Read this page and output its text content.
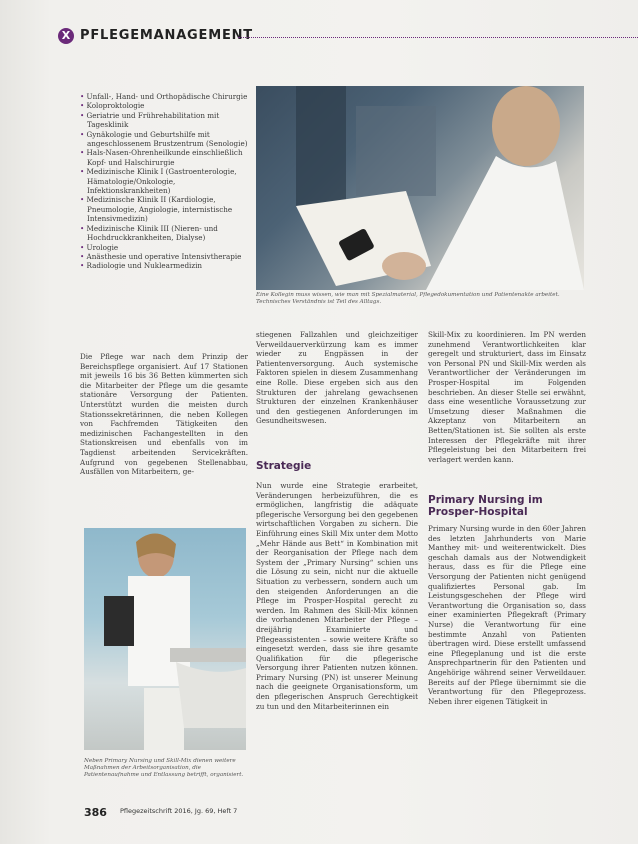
X PFLEGEMANAGEMENT
• Unfall-, Hand- und Orthopädische Chirurgie
• Koloproktologie
• Geriatrie und Frührehabilitation mit Tagesklinik
• Gynäkologie und Geburtshilfe mit angeschlossenem Brustzentrum (Senologie)
• Hals-Nasen-Ohrenheilkunde einschließlich Kopf- und Halschirurgie
• Medizinische Klinik I (Gastroenterologie, Hämatologie/Onkologie, Infektionskrankheiten)
• Medizinische Klinik II (Kardiologie, Pneumologie, Angiologie, internistische Intensivmedizin)
• Medizinische Klinik III (Nieren- und Hochdruckkrankheiten, Dialyse)
• Urologie
• Anästhesie und operative Intensivtherapie
• Radiologie und Nuklearmedizin
Eine Kollegin muss wissen, wie man mit Spezialmaterial, Pflegedokumentation und Patientenakte arbeitet. Technisches Verständnis ist Teil des Alltags.
Die Pflege war nach dem Prinzip der Bereichspflege organisiert. Auf 17 Stationen mit jeweils 16 bis 36 Betten kümmerten sich die Mitarbeiter der Pflege um die gesamte stationäre Versorgung der Patienten. Unterstützt wurden die meisten durch Stationssekretärinnen, die neben Kollegen von Fachfremden Tätigkeiten den medizinischen Fachangestellten in den Stationskreisen und ebenfalls von im Tagdienst arbeitenden Servicekräften. Aufgrund von gegebenen Stellenabbau, Ausfällen von Mitarbeitern, ge-
Neben Primary Nursing und Skill-Mix dienen weitere Maßnahmen der Arbeitsorganisation, die Patientenaufnahme und Entlassung betrifft, organisiert.
stiegenen Fallzahlen und gleichzeitiger Verweildauerverkürzung kam es immer wieder zu Engpässen in der Patientenversorgung. Auch systemische Faktoren spielen in diesem Zusammenhang eine Rolle. Diese ergeben sich aus den Strukturen der jahrelang gewachsenen Strukturen der einzelnen Krankenhäuser und den gestiegenen Anforderungen im Gesundheitswesen.
Strategie
Nun wurde eine Strategie erarbeitet, Veränderungen herbeizuführen, die es ermöglichen, langfristig die adäquate pflegerische Versorgung bei den gegebenen wirtschaftlichen Vorgaben zu sichern. Die Einführung eines Skill Mix unter dem Motto „Mehr Hände aus Bett“ in Kombination mit der Reorganisation der Pflege nach dem System der „Primary Nursing“ schien uns die Lösung zu sein, nicht nur die aktuelle Situation zu verbessern, sondern auch um den steigenden Anforderungen an die Pflege im Prosper-Hospital gerecht zu werden. Im Rahmen des Skill-Mix können die vorhandenen Mitarbeiter der Pflege – dreijährig Examinierte und Pflegeassistenten – sowie weitere Kräfte so eingesetzt werden, dass sie ihre gesamte Qualifikation für die pflegerische Versorgung ihrer Patienten nutzen können. Primary Nursing (PN) ist unserer Meinung nach die geeignete Organisationsform, um den pflegerischen Anspruch Gerechtigkeit zu tun und den Mitarbeiterinnen ein
Skill-Mix zu koordinieren. Im PN werden zunehmend Verantwortlichkeiten klar geregelt und strukturiert, dass im Einsatz von Personal PN und Skill-Mix werden als Verantwortlicher der Veränderungen im Prosper-Hospital im Folgenden beschrieben. An dieser Stelle sei erwähnt, dass eine wesentliche Voraussetzung zur Umsetzung dieser Maßnahmen die Akzeptanz von Mitarbeitern an Betten/Stationen ist. Sie sollten als erste Interessen der Pflegekräfte mit ihrer Pflegeleistung bei den Mitarbeitern frei verlagert werden kann.
Primary Nursing im Prosper-Hospital
Primary Nursing wurde in den 60er Jahren des letzten Jahrhunderts von Marie Manthey mit- und weiterentwickelt. Dies geschah damals aus der Notwendigkeit heraus, dass es für die Pflege eine Versorgung der Patienten nicht genügend qualifiziertes Personal gab. Im Leistungsgeschehen der Pflege wird Verantwortung die Organisation so, dass einer examinierten Pflegekraft (Primary Nurse) die Verantwortung für eine bestimmte Anzahl von Patienten übertragen wird. Diese erstellt umfassend eine Pflegeplanung und ist die erste Ansprechpartnerin für den Patienten und Angehörige während seiner Verweildauer. Bereits auf der Pflege übernimmt sie die Verantwortung für den Pflegeprozess. Neben ihrer eigenen Tätigkeit in
386 Pflegezeitschrift 2016, Jg. 69, Heft 7
